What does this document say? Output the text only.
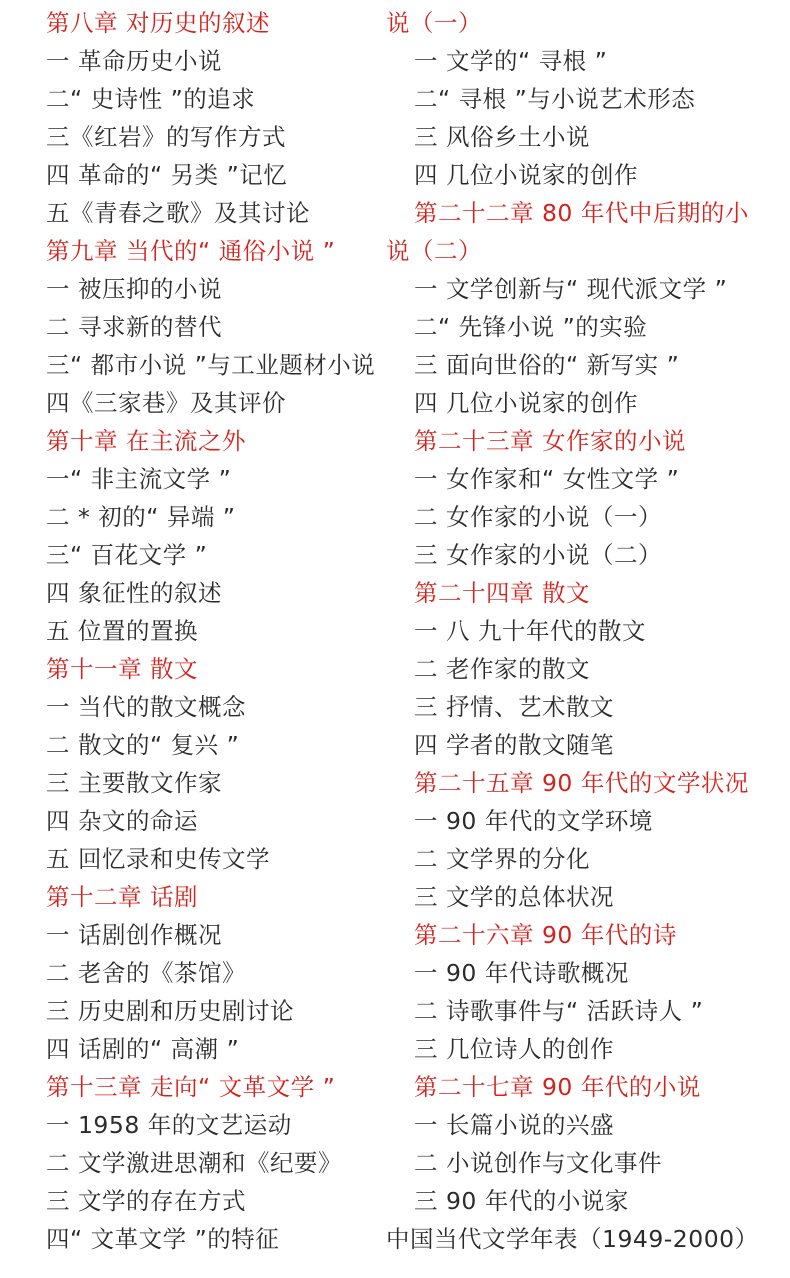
第八章 对历史的叙述
一 革命历史小说
二“ 史诗性 ”的追求
三《红岩》的写作方式
四 革命的“ 另类 ”记忆
五《青春之歌》及其讨论
第九章 当代的“ 通俗小说 ”
一 被压抑的小说
二 寻求新的替代
三“ 都市小说 ”与工业题材小说
四《三家巷》及其评价
第十章 在主流之外
一“ 非主流文学 ”
二 * 初的“ 异端 ”
三“ 百花文学 ”
四 象征性的叙述
五 位置的置换
第十一章 散文
一 当代的散文概念
二 散文的“ 复兴 ”
三 主要散文作家
四 杂文的命运
五 回忆录和史传文学
第十二章 话剧
一 话剧创作概况
二 老舍的《茶馆》
三 历史剧和历史剧讨论
四 话剧的“ 高潮 ”
第十三章 走向“ 文革文学 ”
一 1958 年的文艺运动
二 文学激进思潮和《纪要》
三 文学的存在方式
四“ 文革文学 ”的特征
说（一）
一 文学的“ 寻根 ”
二“ 寻根 ”与小说艺术形态
三 风俗乡土小说
四 几位小说家的创作
第二十二章 80 年代中后期的小
说（二）
一 文学创新与“ 现代派文学 ”
二“ 先锋小说 ”的实验
三 面向世俗的“ 新写实 ”
四 几位小说家的创作
第二十三章 女作家的小说
一 女作家和“ 女性文学 ”
二 女作家的小说（一）
三 女作家的小说（二）
第二十四章 散文
一 八 九十年代的散文
二 老作家的散文
三 抒情、艺术散文
四 学者的散文随笔
第二十五章 90 年代的文学状况
一 90 年代的文学环境
二 文学界的分化
三 文学的总体状况
第二十六章 90 年代的诗
一 90 年代诗歌概况
二 诗歌事件与“ 活跃诗人 ”
三 几位诗人的创作
第二十七章 90 年代的小说
一 长篇小说的兴盛
二 小说创作与文化事件
三 90 年代的小说家
中国当代文学年表（1949-2000）
